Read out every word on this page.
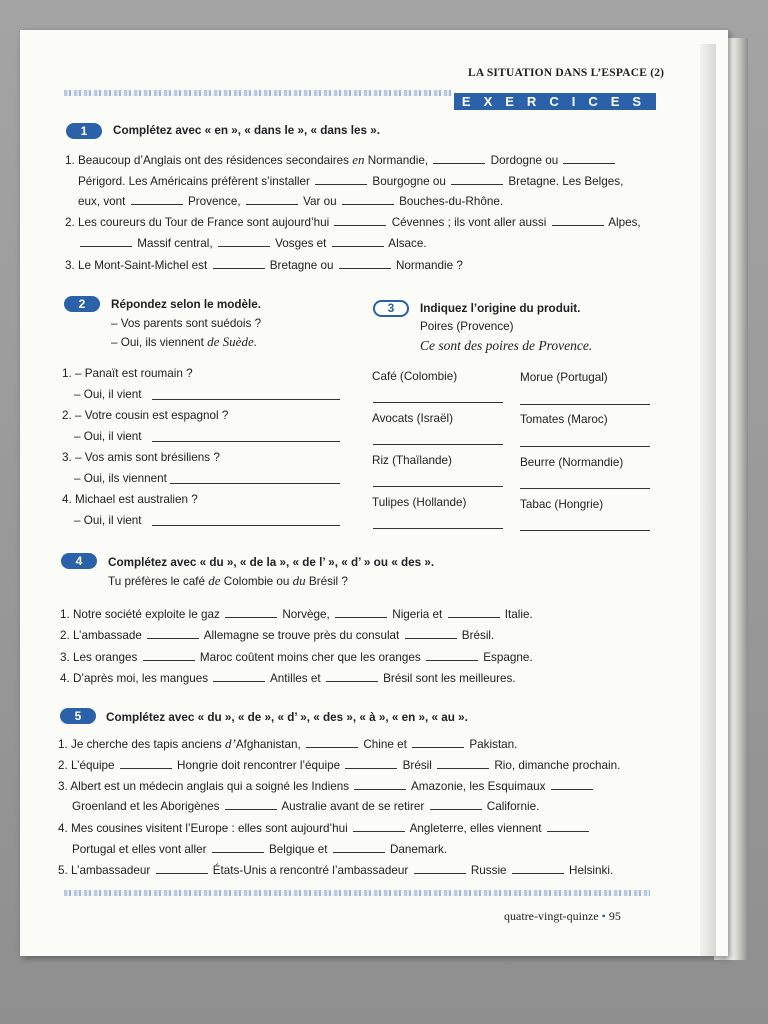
LA SITUATION DANS L’ESPACE (2)
EXERCICES
1	Complétez avec « en », « dans le », « dans les ».
1. Beaucoup d’Anglais ont des résidences secondaires en Normandie,	Dordogne ou
Périgord. Les Américains préfèrent s’installer	Bourgogne ou	Bretagne. Les Belges,
eux, vont	Provence,	Var ou	Bouches-du-Rhône.
2. Les coureurs du Tour de France sont aujourd’hui	Cévennes ; ils vont aller aussi	Alpes,
Massif central,	Vosges et	Alsace.
3. Le Mont-Saint-Michel est	Bretagne ou	Normandie ?
2	Répondez selon le modèle.
– Vos parents sont suédois ?
– Oui, ils viennent de Suède.
1. – Panaït est roumain ?
– Oui, il vient
2. – Votre cousin est espagnol ?
– Oui, il vient
3. – Vos amis sont brésiliens ?
– Oui, ils viennent
4. Michael est australien ?
– Oui, il vient
3	Indiquez l’origine du produit.
Poires (Provence)
Ce sont des poires de Provence.
Café (Colombie)	Morue (Portugal)
Avocats (Israël)	Tomates (Maroc)
Riz (Thaïlande)	Beurre (Normandie)
Tulipes (Hollande)	Tabac (Hongrie)
4	Complétez avec « du », « de la », « de l’ », « d’ » ou « des ».
Tu préfères le café de Colombie ou du Brésil ?
1. Notre société exploite le gaz	Norvège,	Nigeria et	Italie.
2. L’ambassade	Allemagne se trouve près du consulat	Brésil.
3. Les oranges	Maroc coûtent moins cher que les oranges	Espagne.
4. D’après moi, les mangues	Antilles et	Brésil sont les meilleures.
5	Complétez avec « du », « de », « d’ », « des », « à », « en », « au ».
1. Je cherche des tapis anciens d’Afghanistan,	Chine et	Pakistan.
2. L’équipe	Hongrie doit rencontrer l’équipe	Brésil	Rio, dimanche prochain.
3. Albert est un médecin anglais qui a soigné les Indiens	Amazonie, les Esquimaux
Groenland et les Aborigènes	Australie avant de se retirer	Californie.
4. Mes cousines visitent l’Europe : elles sont aujourd’hui	Angleterre, elles viennent
Portugal et elles vont aller	Belgique et	Danemark.
5. L’ambassadeur	États-Unis a rencontré l’ambassadeur	Russie	Helsinki.
quatre-vingt-quinze • 95
